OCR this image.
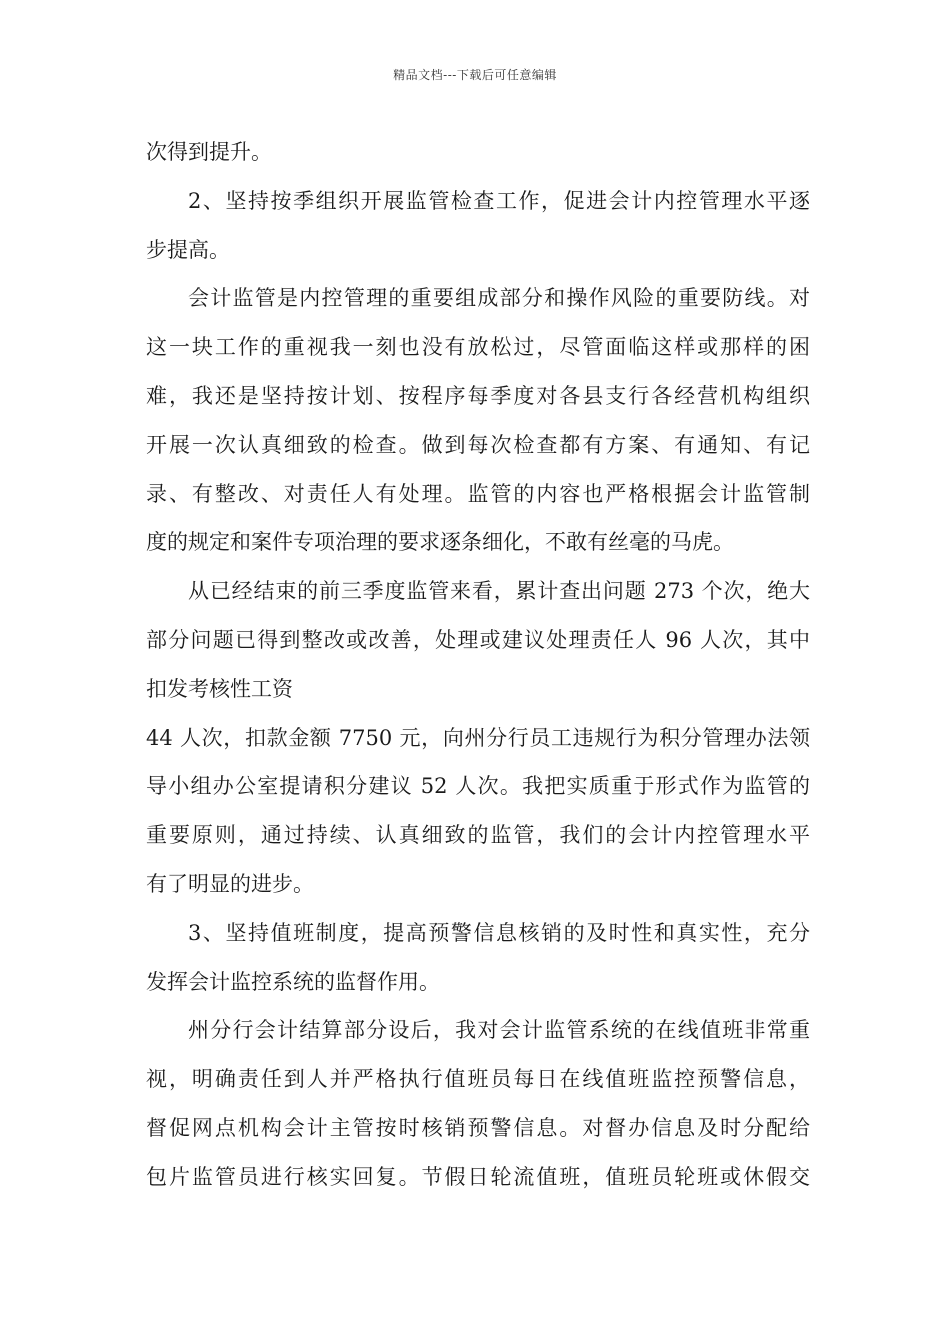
精品文档---下载后可任意编辑
次得到提升。
2、坚持按季组织开展监管检查工作，促进会计内控管理水平逐
步提高。
会计监管是内控管理的重要组成部分和操作风险的重要防线。对
这一块工作的重视我一刻也没有放松过，尽管面临这样或那样的困
难，我还是坚持按计划、按程序每季度对各县支行各经营机构组织
开展一次认真细致的检查。做到每次检查都有方案、有通知、有记
录、有整改、对责任人有处理。监管的内容也严格根据会计监管制
度的规定和案件专项治理的要求逐条细化，不敢有丝毫的马虎。
从已经结束的前三季度监管来看，累计查出问题 273 个次，绝大
部分问题已得到整改或改善，处理或建议处理责任人 96 人次，其中
扣发考核性工资
44 人次，扣款金额 7750 元，向州分行员工违规行为积分管理办法领
导小组办公室提请积分建议 52 人次。我把实质重于形式作为监管的
重要原则，通过持续、认真细致的监管，我们的会计内控管理水平
有了明显的进步。
3、坚持值班制度，提高预警信息核销的及时性和真实性，充分
发挥会计监控系统的监督作用。
州分行会计结算部分设后，我对会计监管系统的在线值班非常重
视，明确责任到人并严格执行值班员每日在线值班监控预警信息，
督促网点机构会计主管按时核销预警信息。对督办信息及时分配给
包片监管员进行核实回复。节假日轮流值班，值班员轮班或休假交
